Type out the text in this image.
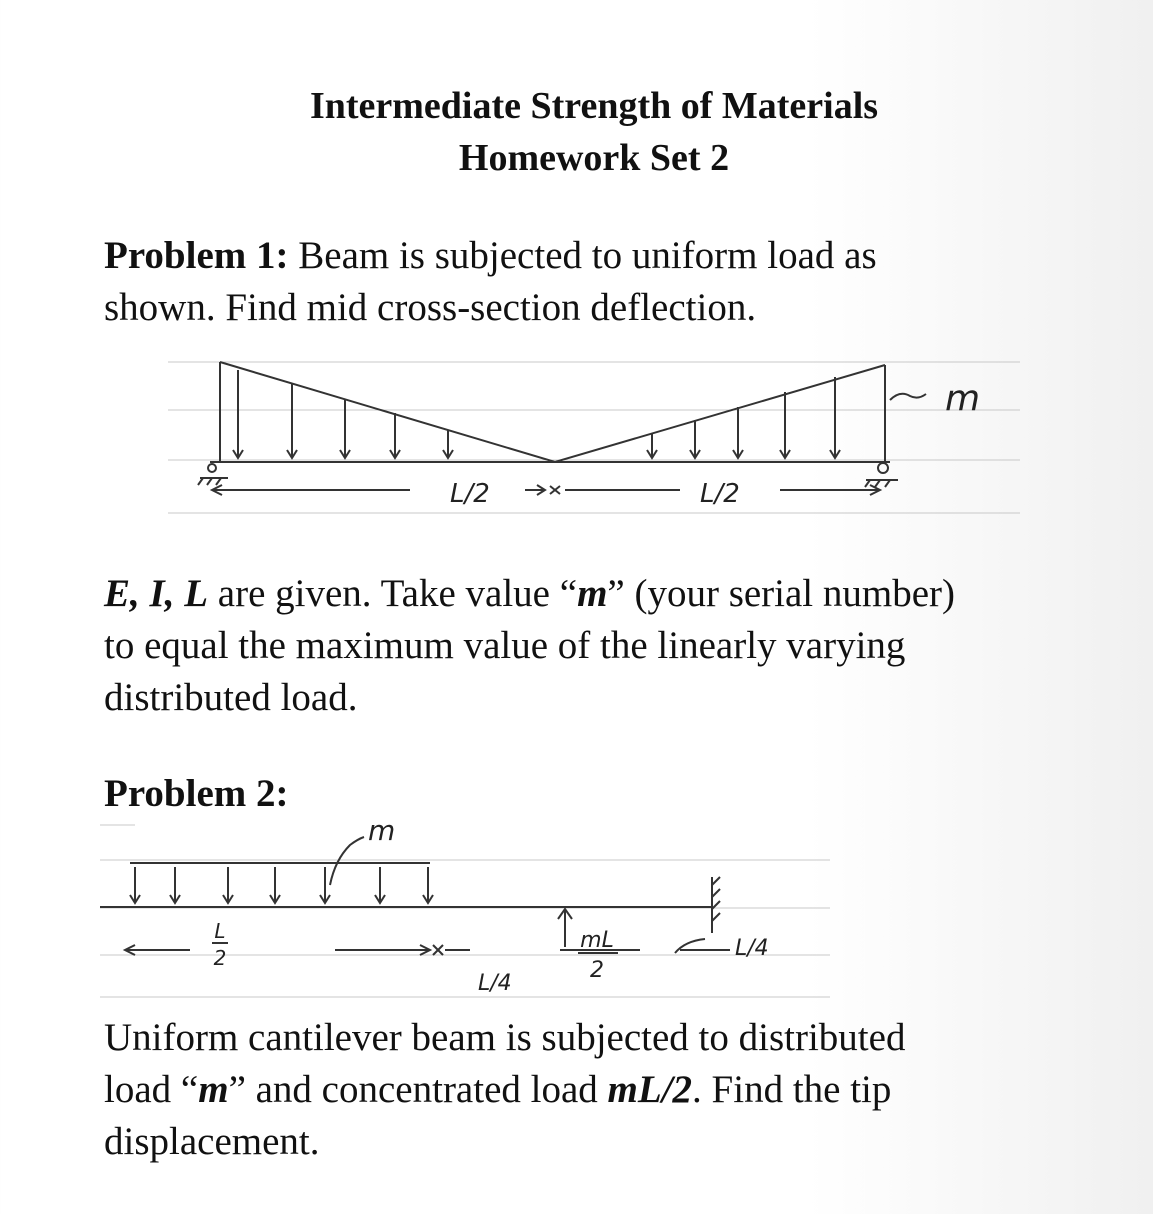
Intermediate Strength of Materials
Homework Set 2
Problem 1: Beam is subjected to uniform load as
shown. Find mid cross-section deflection.
m
L/2	L/2
E, I, L are given. Take value “m” (your serial number)
to equal the maximum value of the linearly varying
distributed load.
Problem 2:
m
L
2
L/4
mL
2
L/4
Uniform cantilever beam is subjected to distributed
load “m” and concentrated load mL/2. Find the tip
displacement.
